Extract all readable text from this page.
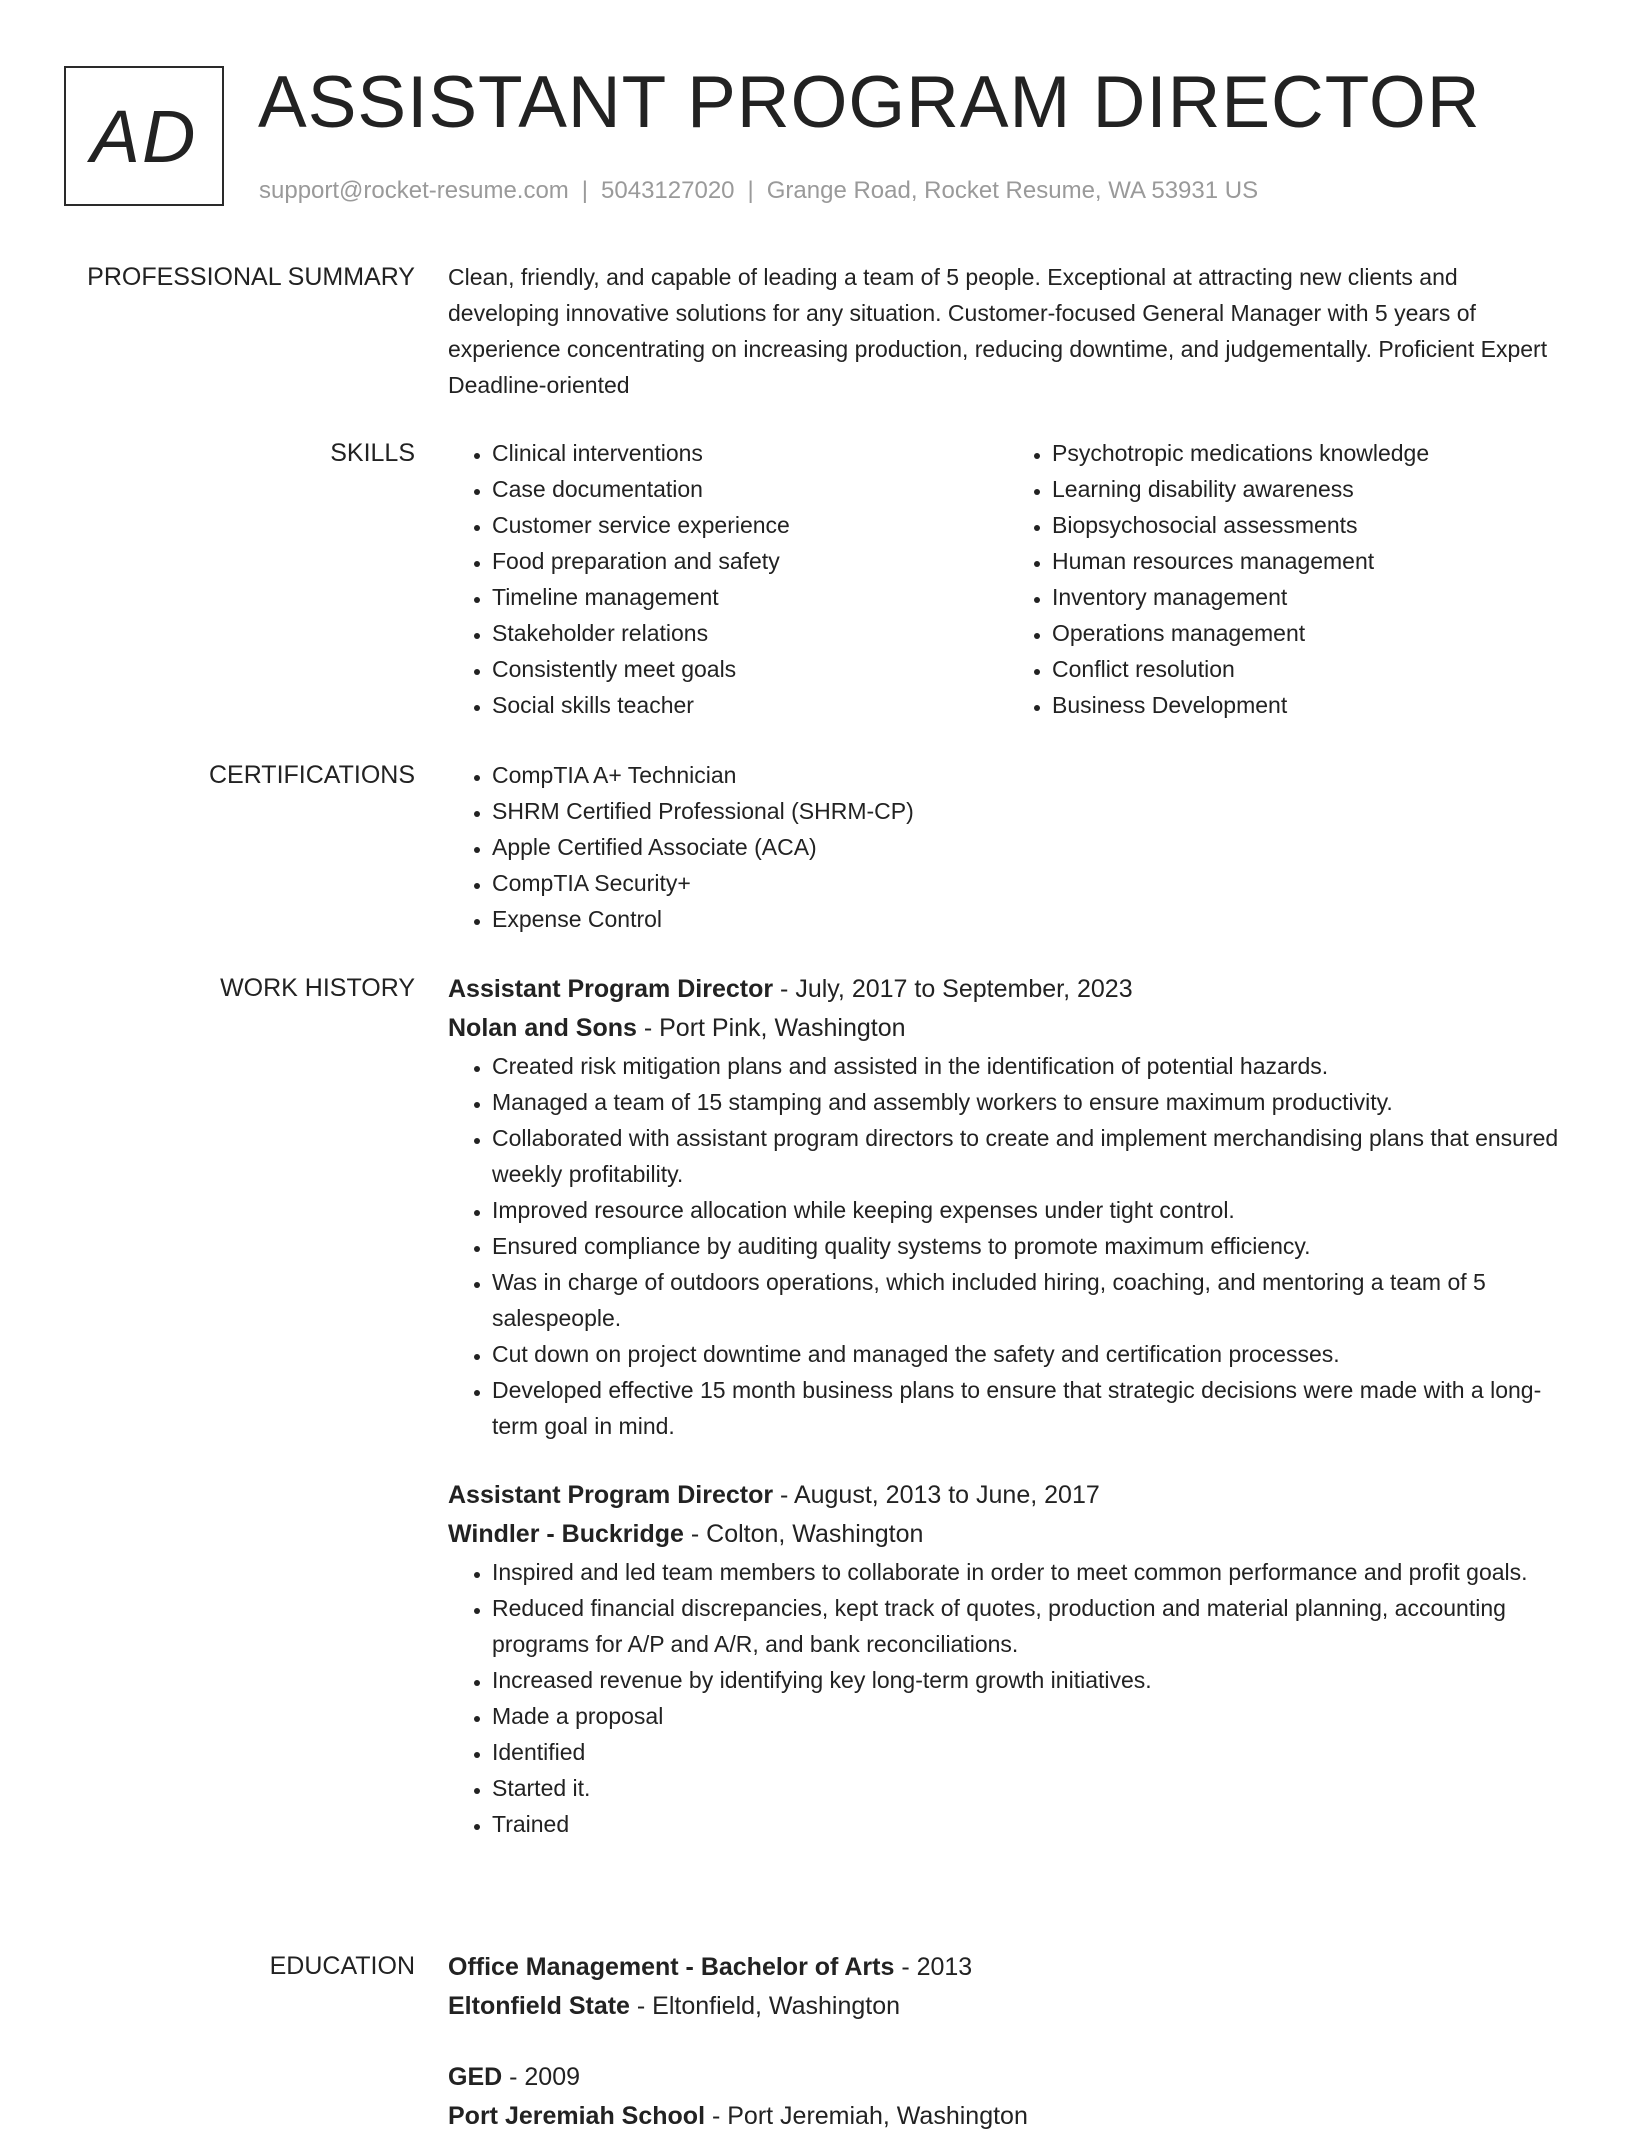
AD ASSISTANT PROGRAM DIRECTOR
support@rocket-resume.com | 5043127020 | Grange Road, Rocket Resume, WA 53931 US
PROFESSIONAL SUMMARY Clean, friendly, and capable of leading a team of 5 people. Exceptional at attracting new clients and developing innovative solutions for any situation. Customer-focused General Manager with 5 years of experience concentrating on increasing production, reducing downtime, and judgementally. Proficient Expert Deadline-oriented

SKILLS	• Clinical interventions
• Case documentation
• Customer service experience
• Food preparation and safety
• Timeline management
• Stakeholder relations
• Consistently meet goals
• Social skills teacher
• Psychotropic medications knowledge
• Learning disability awareness
• Biopsychosocial assessments
• Human resources management
• Inventory management
• Operations management
• Conflict resolution
• Business Development
CERTIFICATIONS	• CompTIA A+ Technician
• SHRM Certified Professional (SHRM-CP)
• Apple Certified Associate (ACA)
• CompTIA Security+
• Expense Control
WORK HISTORY Assistant Program Director - July, 2017 to September, 2023
Nolan and Sons - Port Pink, Washington
• Created risk mitigation plans and assisted in the identification of potential hazards.
• Managed a team of 15 stamping and assembly workers to ensure maximum productivity.
• Collaborated with assistant program directors to create and implement merchandising plans that ensured weekly profitability.
• Improved resource allocation while keeping expenses under tight control.
• Ensured compliance by auditing quality systems to promote maximum efficiency.
• Was in charge of outdoors operations, which included hiring, coaching, and mentoring a team of 5 salespeople.
• Cut down on project downtime and managed the safety and certification processes.
• Developed effective 15 month business plans to ensure that strategic decisions were made with a long-term goal in mind.
Assistant Program Director - August, 2013 to June, 2017
Windler - Buckridge - Colton, Washington
• Inspired and led team members to collaborate in order to meet common performance and profit goals.
• Reduced financial discrepancies, kept track of quotes, production and material planning, accounting programs for A/P and A/R, and bank reconciliations.
• Increased revenue by identifying key long-term growth initiatives.
• Made a proposal
• Identified
• Started it.
• Trained
EDUCATION Office Management - Bachelor of Arts - 2013
Eltonfield State - Eltonfield, Washington
GED - 2009
Port Jeremiah School - Port Jeremiah, Washington
